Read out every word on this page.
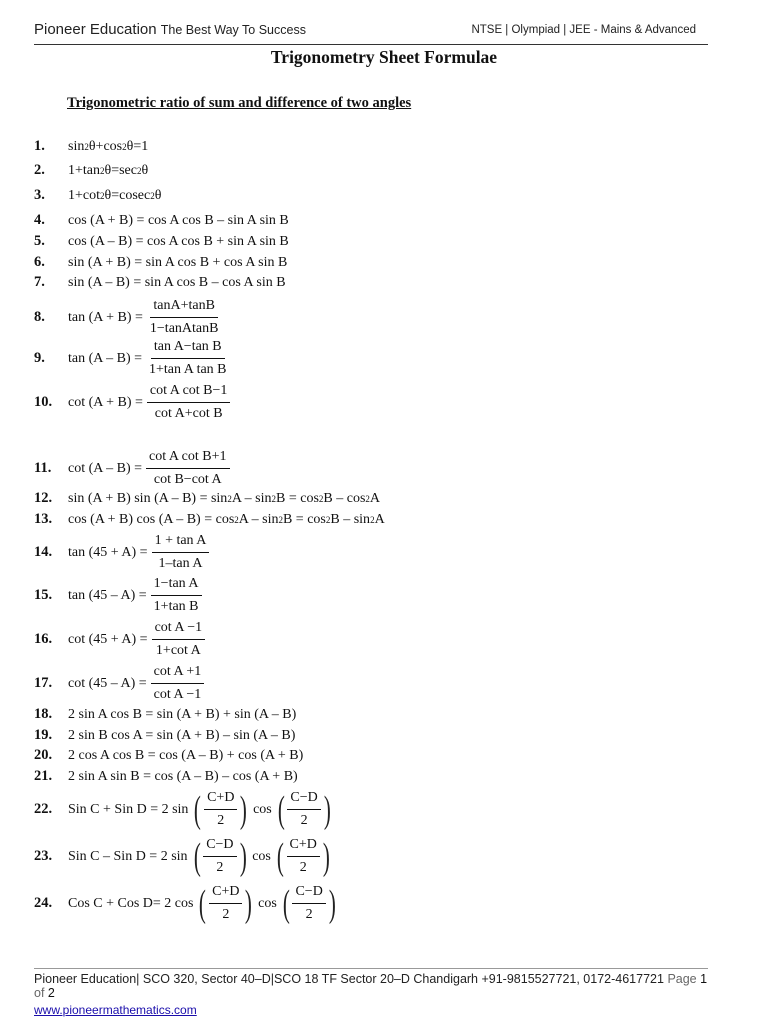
Pioneer Education The Best Way To Success	NTSE | Olympiad | JEE - Mains & Advanced
Trigonometry Sheet Formulae
Trigonometric ratio of sum and difference of two angles
1.	sin 2 θ+cos 2 θ=1
2.	1+tan 2 θ=sec 2 θ
3.	1+cot 2 θ=cosec 2 θ
4.	cos (A + B) = cos A cos B – sin A sin B
5.	cos (A – B) = cos A cos B + sin A sin B
6.	sin (A + B) = sin A cos B + cos A sin B
7.	sin (A – B) = sin A cos B – cos A sin B
8.	$\tan (A + B) = \frac{\tan A+\tan B}{\text{1−tanAtanB}}$
9.	$\tan (A - B) = \frac{\text{tan A−tan B}}{\text{1+tan A tan B}}$
10.	$\cot (A + B) = \frac{\text{cot A cot B−1}}{\text{cot A+cot B}}$
11.	$\cot (A - B) = \frac{\text{cot A cot B+1}}{\text{cot B−cot A}}$
12.	sin (A + B) sin (A – B) = sin 2 A – sin 2 B = cos 2 B – cos 2 A
13.	cos (A + B) cos (A – B) = cos 2 A – sin 2 B = cos 2 B – sin 2 A
14.	$\tan (45 + A) = \frac{\text{1 + tan A}}{\text{1–tan A}}$
15.	$\tan (45 - A) = \frac{\text{1−tan A}}{\text{1+tan B}}$
16.	$\cot (45 + A) = \frac{\text{cot A −1}}{\text{1+cot A}}$
17.	$\cot (45 - A) = \frac{\text{cot A +1}}{\text{cot A −1}}$
18.	2 sin A cos B = sin (A + B) + sin (A – B)
19.	2 sin B cos A = sin (A + B) – sin (A – B)
20.	2 cos A cos B = cos (A – B) + cos (A + B)
21.	2 sin A sin B = cos (A – B) – cos (A + B)
22.	Sin C + Sin D = 2 sin ( $\frac{C+D}{2}$ ) cos ( $\frac{C-D}{2}$ )
23.	Sin C – Sin D = 2 sin ( $\frac{C-D}{2}$ ) cos ( $\frac{C+D}{2}$ )
24.	Cos C + Cos D= 2 cos ( $\frac{C+D}{2}$ ) cos ( $\frac{C-D}{2}$ )
Pioneer Education| SCO 320, Sector 40–D|SCO 18 TF Sector 20–D Chandigarh +91-9815527721, 0172-4617721 Page 1 of 2
www.pioneermathematics.com
